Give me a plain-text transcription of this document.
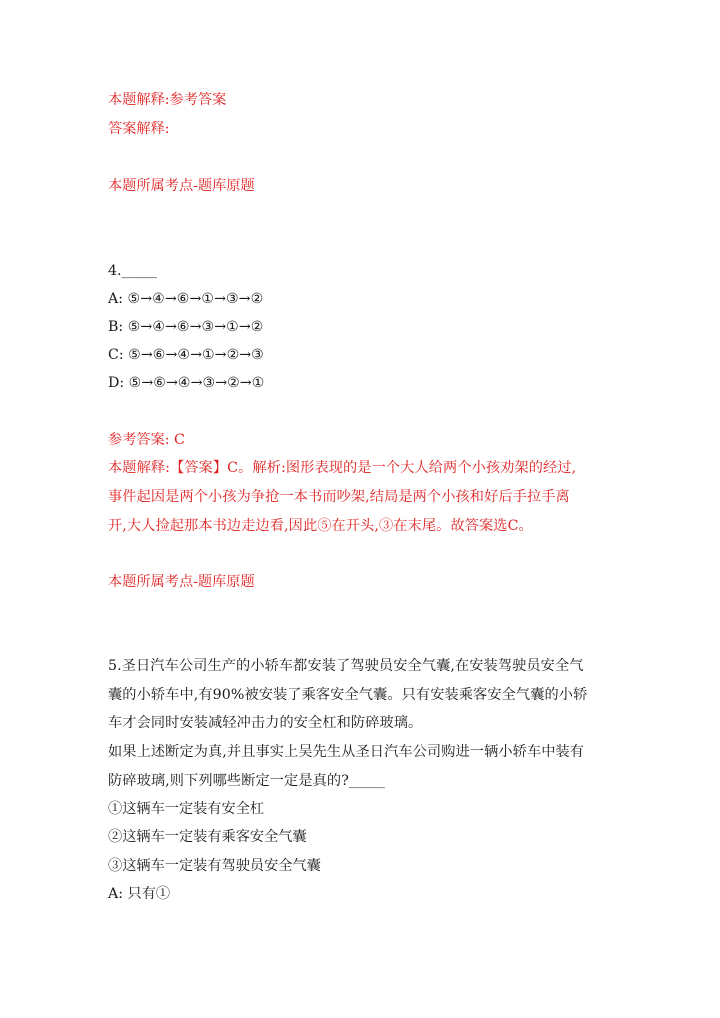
本题解释:参考答案
答案解释:
本题所属考点-题库原题
4._____
A: ⑤→④→⑥→①→③→②
B: ⑤→④→⑥→③→①→②
C: ⑤→⑥→④→①→②→③
D: ⑤→⑥→④→③→②→①
参考答案: C
本题解释:【答案】C。解析:图形表现的是一个大人给两个小孩劝架的经过,
事件起因是两个小孩为争抢一本书而吵架,结局是两个小孩和好后手拉手离
开,大人捡起那本书边走边看,因此⑤在开头,③在末尾。故答案选C。
本题所属考点-题库原题
5.圣日汽车公司生产的小轿车都安装了驾驶员安全气囊,在安装驾驶员安全气
囊的小轿车中,有90%被安装了乘客安全气囊。只有安装乘客安全气囊的小轿
车才会同时安装减轻冲击力的安全杠和防碎玻璃。
如果上述断定为真,并且事实上吴先生从圣日汽车公司购进一辆小轿车中装有
防碎玻璃,则下列哪些断定一定是真的?_____
①这辆车一定装有安全杠
②这辆车一定装有乘客安全气囊
③这辆车一定装有驾驶员安全气囊
A: 只有①
